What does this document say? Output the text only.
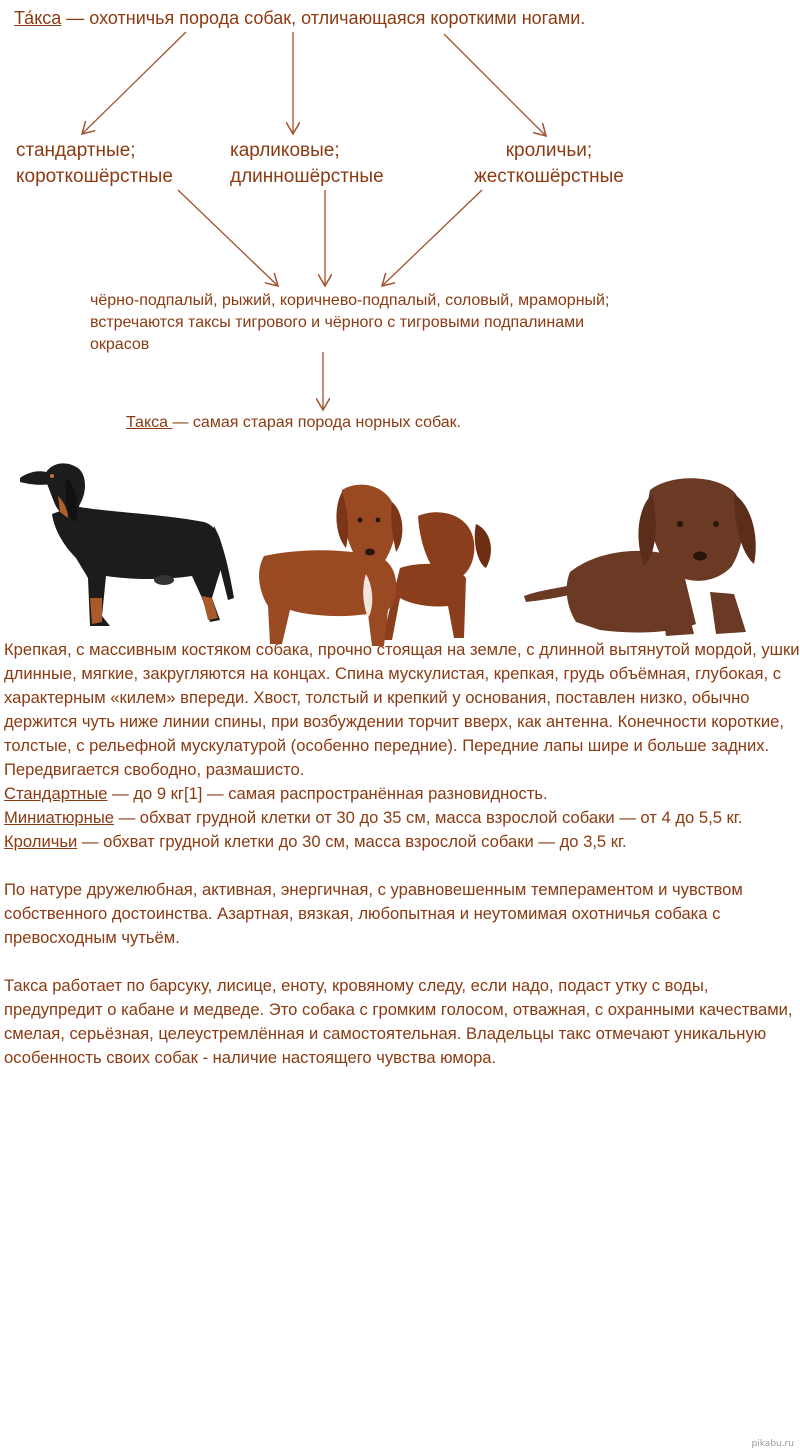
Та́кса — охотничья порода собак, отличающаяся короткими ногами.
стандартные;
короткошёрстные
карликовые;
длинношёрстные
кроличьи;
жесткошёрстные
чёрно-подпалый, рыжий, коричнево-подпалый, соловый, мраморный; встречаются таксы тигрового и чёрного с тигровыми подпалинами окрасов
Такса — самая старая порода норных собак.

Крепкая, с массивным костяком собака, прочно стоящая на земле, с длинной вытянутой мордой, ушки длинные, мягкие, закругляются на концах. Спина мускулистая, крепкая, грудь объёмная, глубокая, с характерным «килем» впереди. Хвост, толстый и крепкий у основания, поставлен низко, обычно держится чуть ниже линии спины, при возбуждении торчит вверх, как антенна. Конечности короткие, толстые, с рельефной мускулатурой (особенно передние). Передние лапы шире и больше задних. Передвигается свободно, размашисто.

Стандартные — до 9 кг[1] — самая распространённая разновидность.

Миниатюрные — обхват грудной клетки от 30 до 35 см, масса взрослой собаки — от 4 до 5,5 кг.

Кроличьи — обхват грудной клетки до 30 см, масса взрослой собаки — до 3,5 кг.

По натуре дружелюбная, активная, энергичная, с уравновешенным темпераментом и чувством собственного достоинства. Азартная, вязкая, любопытная и неутомимая охотничья собака с превосходным чутьём.

Такса работает по барсуку, лисице, еноту, кровяному следу, если надо, подаст утку с воды, предупредит о кабане и медведе. Это собака с громким голосом, отважная, с охранными качествами, смелая, серьёзная, целеустремлённая и самостоятельная. Владельцы такс отмечают уникальную особенность своих собак - наличие настоящего чувства юмора.

pikabu.ru
